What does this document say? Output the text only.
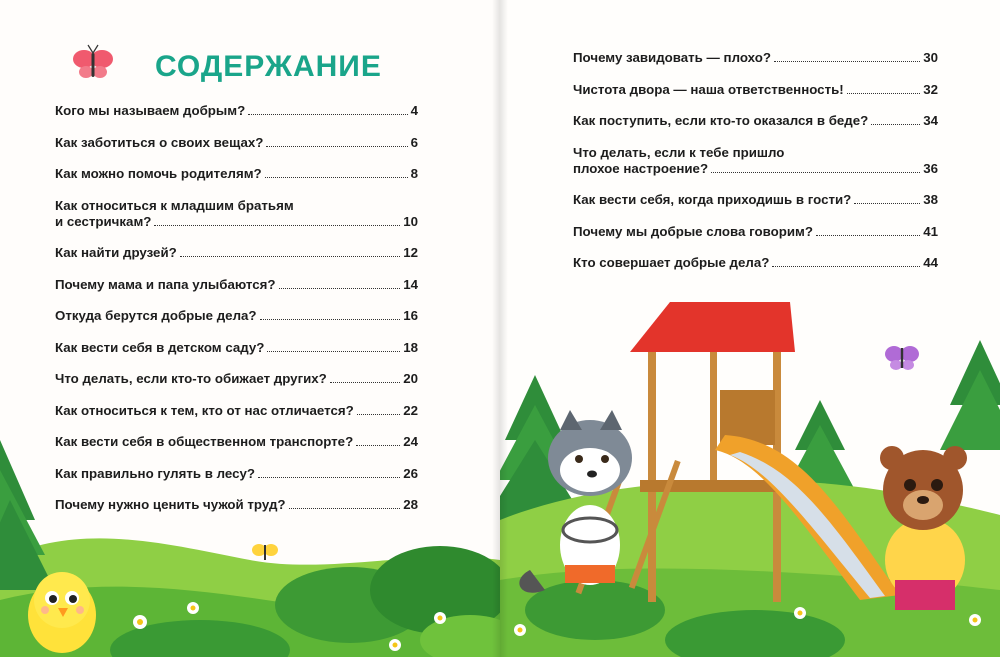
СОДЕРЖАНИЕ
Кого мы называем добрым?	4
Как заботиться о своих вещах?	6
Как можно помочь родителям?	8
Как относиться к младшим братьям
и сестричкам?	10
Как найти друзей?	12
Почему мама и папа улыбаются?	14
Откуда берутся добрые дела?	16
Как вести себя в детском саду?	18
Что делать, если кто-то обижает других?	20
Как относиться к тем, кто от нас отличается?	22
Как вести себя в общественном транспорте?	24
Как правильно гулять в лесу?	26
Почему нужно ценить чужой труд?	28
Почему завидовать — плохо?	30
Чистота двора — наша ответственность!	32
Как поступить, если кто-то оказался в беде?	34
Что делать, если к тебе пришло
плохое настроение?	36
Как вести себя, когда приходишь в гости?	38
Почему мы добрые слова говорим?	41
Кто совершает добрые дела?	44
